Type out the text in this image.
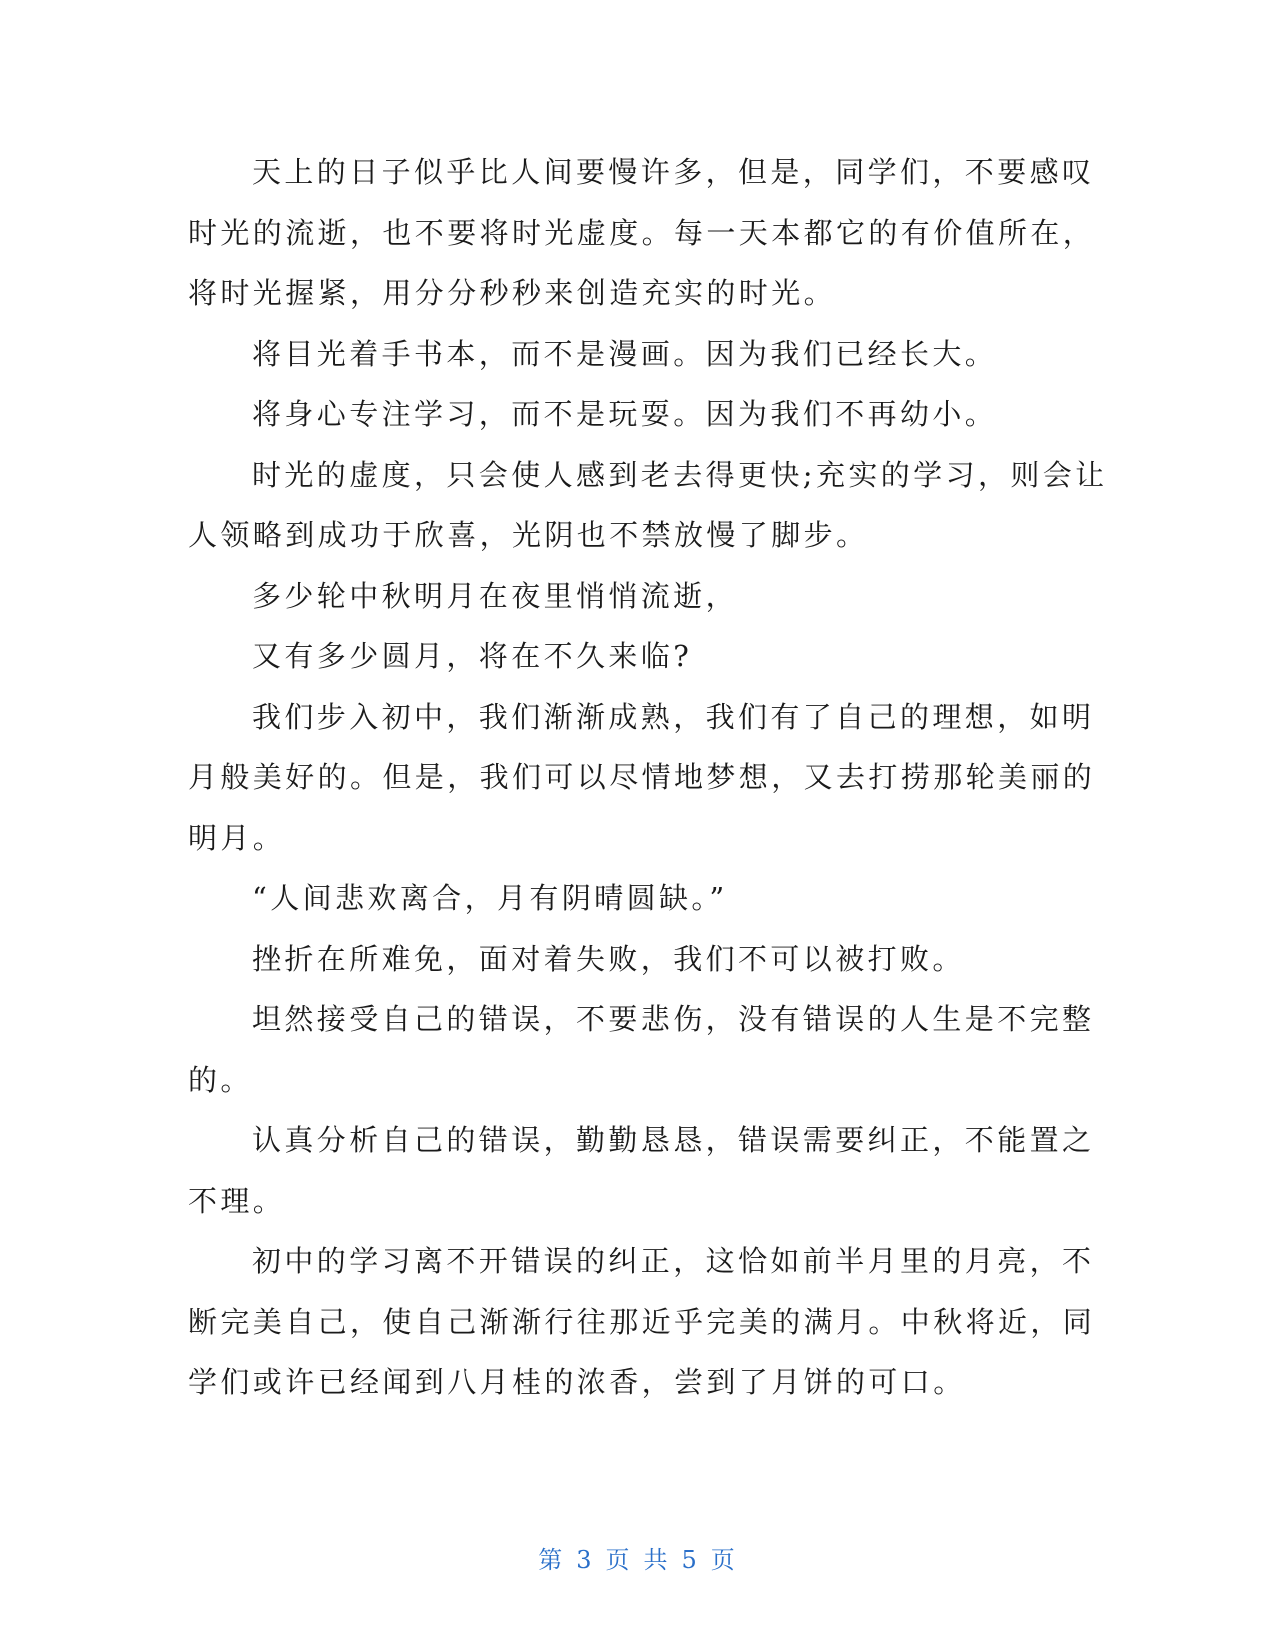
天上的日子似乎比人间要慢许多，但是，同学们，不要感叹
时光的流逝，也不要将时光虚度。每一天本都它的有价值所在，
将时光握紧，用分分秒秒来创造充实的时光。

将目光着手书本，而不是漫画。因为我们已经长大。

将身心专注学习，而不是玩耍。因为我们不再幼小。

时光的虚度，只会使人感到老去得更快;充实的学习，则会让
人领略到成功于欣喜，光阴也不禁放慢了脚步。

多少轮中秋明月在夜里悄悄流逝，

又有多少圆月，将在不久来临?

我们步入初中，我们渐渐成熟，我们有了自己的理想，如明
月般美好的。但是，我们可以尽情地梦想，又去打捞那轮美丽的
明月。

“人间悲欢离合，月有阴晴圆缺。”

挫折在所难免，面对着失败，我们不可以被打败。

坦然接受自己的错误，不要悲伤，没有错误的人生是不完整
的。

认真分析自己的错误，勤勤恳恳，错误需要纠正，不能置之
不理。

初中的学习离不开错误的纠正，这恰如前半月里的月亮，不
断完美自己，使自己渐渐行往那近乎完美的满月。中秋将近，同
学们或许已经闻到八月桂的浓香，尝到了月饼的可口。

第 3 页 共 5 页
